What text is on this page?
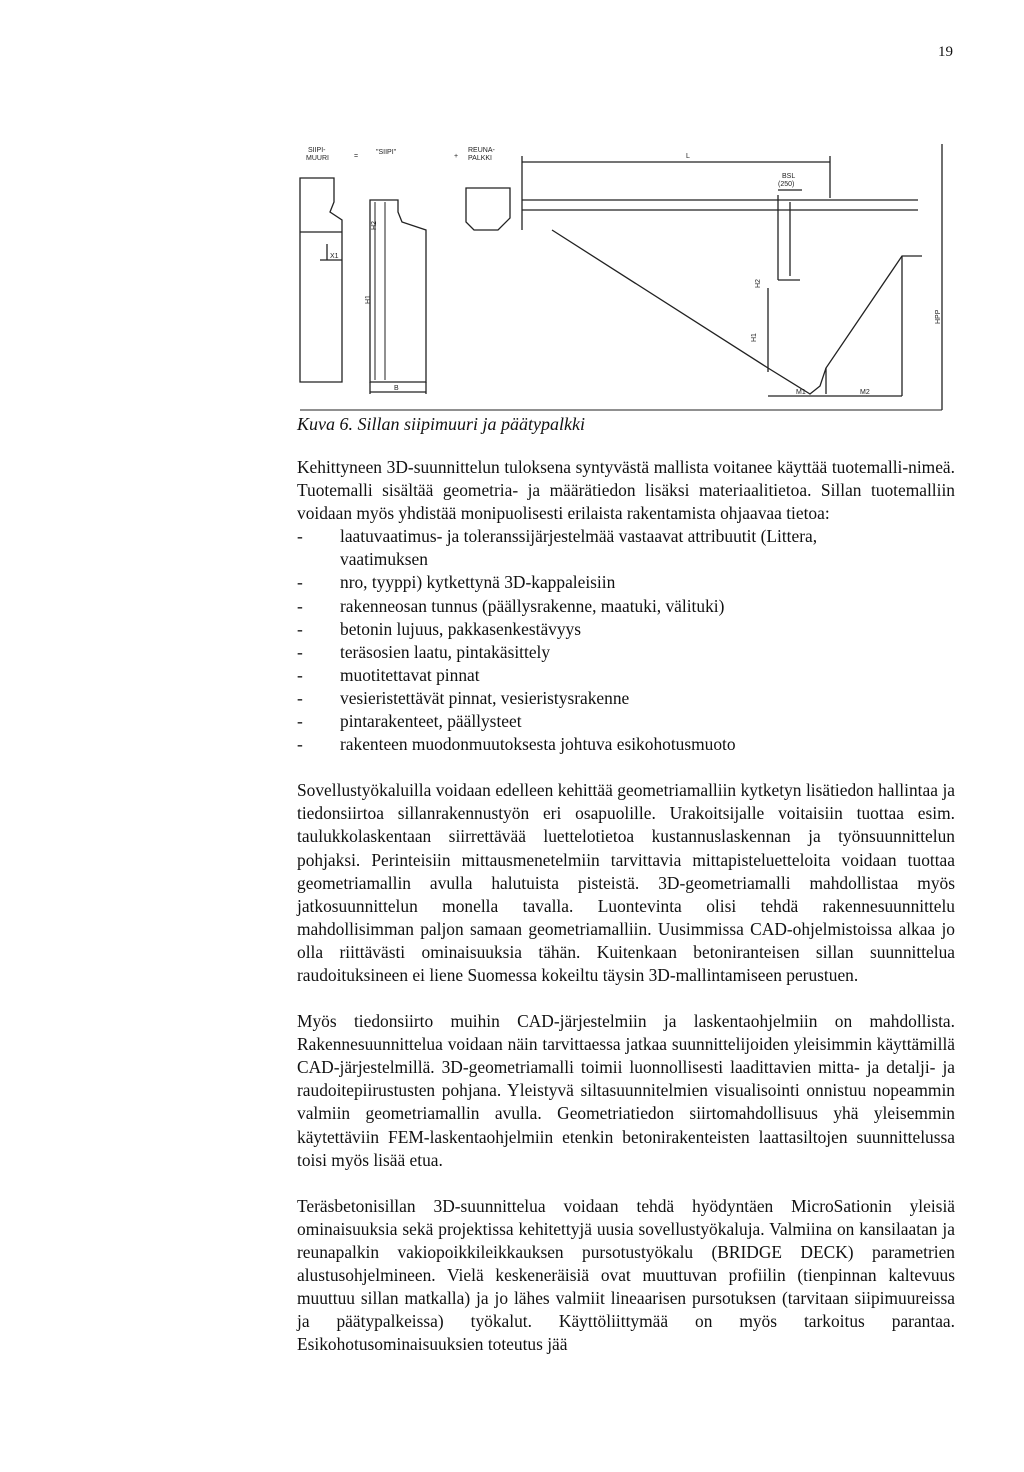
19
SIIPI-
MUURI	=
"SIIPI"
+
REUNA-
PALKKI
X1
H2
H1
B
L
BSL
(250)
H2
H1
HPP
M1	M2
Kuva 6. Sillan siipimuuri ja päätypalkki

Kehittyneen 3D-suunnittelun tuloksena syntyvästä mallista voitanee käyttää tuotemalli-nimeä. Tuotemalli sisältää geometria- ja määrätiedon lisäksi materiaalitietoa. Sillan tuotemalliin voidaan myös yhdistää monipuolisesti erilaista rakentamista ohjaavaa tietoa:

- laatuvaatimus- ja toleranssijärjestelmää vastaavat attribuutit (Littera,
vaatimuksen
- nro, tyyppi) kytkettynä 3D-kappaleisiin
- rakenneosan tunnus (päällysrakenne, maatuki, välituki)
- betonin lujuus, pakkasenkestävyys
- teräsosien laatu, pintakäsittely
- muotitettavat pinnat
- vesieristettävät pinnat, vesieristysrakenne
- pintarakenteet, päällysteet
- rakenteen muodonmuutoksesta johtuva esikohotusmuoto

Sovellustyökaluilla voidaan edelleen kehittää geometriamalliin kytketyn lisätiedon hallintaa ja tiedonsiirtoa sillanrakennustyön eri osapuolille. Urakoitsijalle voitaisiin tuottaa esim. taulukkolaskentaan siirrettävää luettelotietoa kustannuslaskennan ja työnsuunnittelun pohjaksi. Perinteisiin mittausmenetelmiin tarvittavia mittapisteluetteloita voidaan tuottaa geometriamallin avulla halutuista pisteistä. 3D-geometriamalli mahdollistaa myös jatkosuunnittelun monella tavalla. Luontevinta olisi tehdä rakennesuunnittelu mahdollisimman paljon samaan geometriamalliin. Uusimmissa CAD-ohjelmistoissa alkaa jo olla riittävästi ominaisuuksia tähän. Kuitenkaan betoniranteisen sillan suunnittelua raudoituksineen ei liene Suomessa kokeiltu täysin 3D-mallintamiseen perustuen.

Myös tiedonsiirto muihin CAD-järjestelmiin ja laskentaohjelmiin on mahdollista. Rakennesuunnittelua voidaan näin tarvittaessa jatkaa suunnittelijoiden yleisimmin käyttämillä CAD-järjestelmillä. 3D-geometriamalli toimii luonnollisesti laadittavien mitta- ja detalji- ja raudoitepiirustusten pohjana. Yleistyvä siltasuunnitelmien visualisointi onnistuu nopeammin valmiin geometriamallin avulla. Geometriatiedon siirtomahdollisuus yhä yleisemmin käytettäviin FEM-laskentaohjelmiin etenkin betonirakenteisten laattasiltojen suunnittelussa toisi myös lisää etua.

Teräsbetonisillan 3D-suunnittelua voidaan tehdä hyödyntäen MicroSationin yleisiä ominaisuuksia sekä projektissa kehitettyjä uusia sovellustyökaluja. Valmiina on kansilaatan ja reunapalkin vakiopoikkileikkauksen pursotustyökalu (BRIDGE DECK) parametrien alustusohjelmineen. Vielä keskeneräisiä ovat muuttuvan profiilin (tienpinnan kaltevuus muuttuu sillan matkalla) ja jo lähes valmiit lineaarisen pursotuksen (tarvitaan siipimuureissa ja päätypalkeissa) työkalut. Käyttöliittymää on myös tarkoitus parantaa. Esikohotusominaisuuksien toteutus jää
